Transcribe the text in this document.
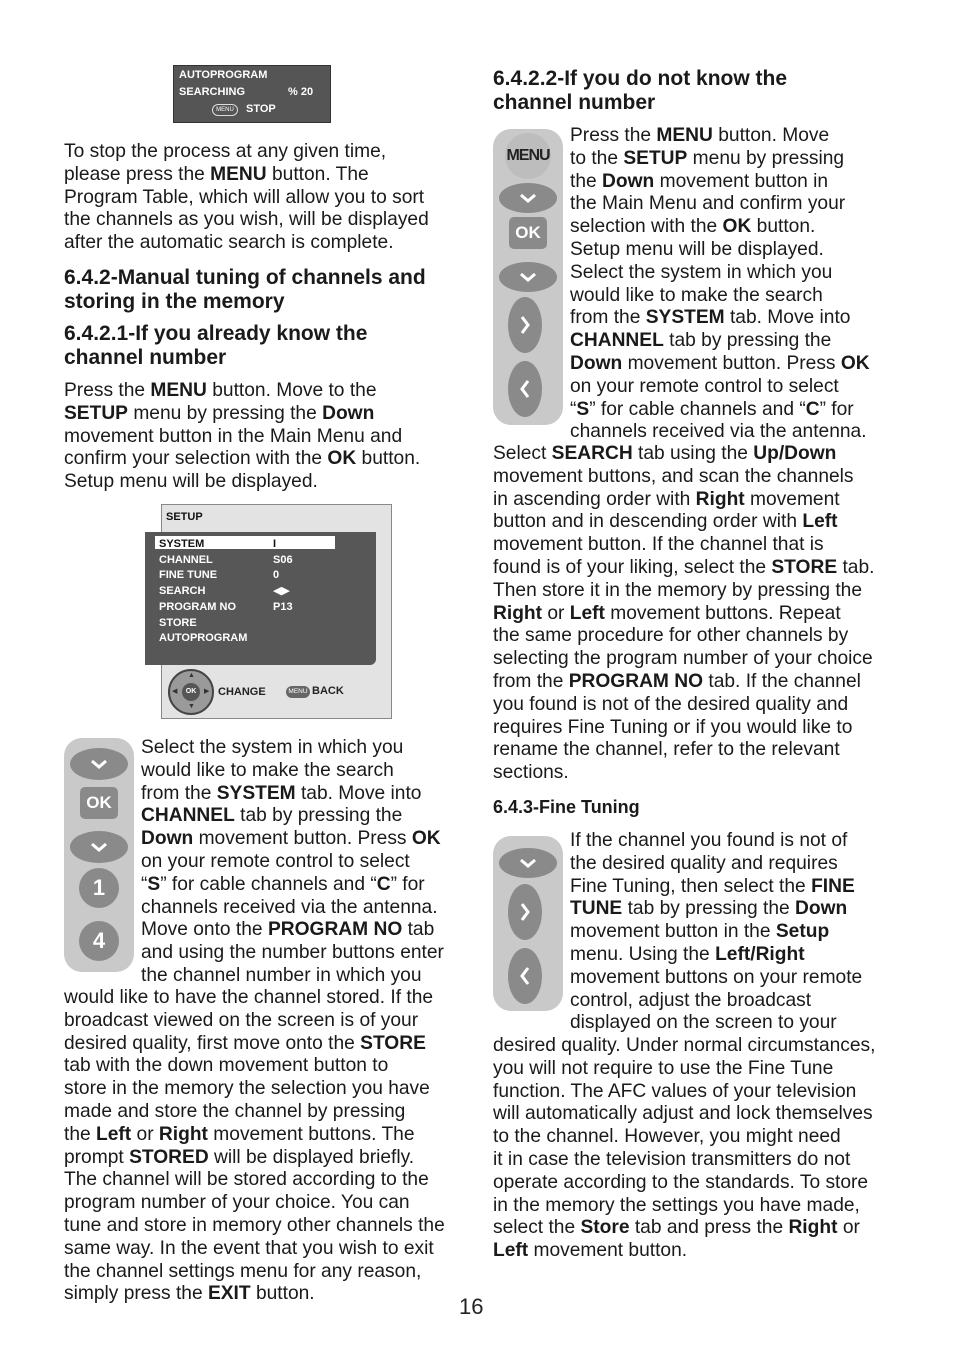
AUTOPROGRAM
SEARCHING	% 20
MENU	STOP
To stop the process at any given time,
please press the MENU button. The
Program Table, which will allow you to sort
the channels as you wish, will be displayed
after the automatic search is complete.
6.4.2-Manual tuning of channels and
storing in the memory
6.4.2.1-If you already know the
channel number
Press the MENU button. Move to the
SETUP menu by pressing the Down
movement button in the Main Menu and
confirm your selection with the OK button.
Setup menu will be displayed.
SETUP
SYSTEM	I
CHANNEL	S06
FINE TUNE	0
SEARCH	◀▶
PROGRAM NO	P13
STORE
AUTOPROGRAM
OK
▲
▼
◀	▶ CHANGE	MENU BACK
OK
1
4
Select the system in which you
would like to make the search
from the SYSTEM tab. Move into
CHANNEL tab by pressing the
Down movement button. Press OK
on your remote control to select
“S” for cable channels and “C” for
channels received via the antenna.
Move onto the PROGRAM NO tab
and using the number buttons enter
the channel number in which you
would like to have the channel stored. If the
broadcast viewed on the screen is of your
desired quality, first move onto the STORE
tab with the down movement button to
store in the memory the selection you have
made and store the channel by pressing
the Left or Right movement buttons. The
prompt STORED will be displayed briefly.
The channel will be stored according to the
program number of your choice. You can
tune and store in memory other channels the
same way. In the event that you wish to exit
the channel settings menu for any reason,
simply press the EXIT button.
6.4.2.2-If you do not know the
channel number
MENU
OK
Press the MENU button. Move
to the SETUP menu by pressing
the Down movement button in
the Main Menu and confirm your
selection with the OK button.
Setup menu will be displayed.
Select the system in which you
would like to make the search
from the SYSTEM tab. Move into
CHANNEL tab by pressing the
Down movement button. Press OK
on your remote control to select
“S” for cable channels and “C” for
channels received via the antenna.
Select SEARCH tab using the Up/Down
movement buttons, and scan the channels
in ascending order with Right movement
button and in descending order with Left
movement button. If the channel that is
found is of your liking, select the STORE tab.
Then store it in the memory by pressing the
Right or Left movement buttons. Repeat
the same procedure for other channels by
selecting the program number of your choice
from the PROGRAM NO tab. If the channel
you found is not of the desired quality and
requires Fine Tuning or if you would like to
rename the channel, refer to the relevant
sections.
6.4.3-Fine Tuning
If the channel you found is not of
the desired quality and requires
Fine Tuning, then select the FINE
TUNE tab by pressing the Down
movement button in the Setup
menu. Using the Left/Right
movement buttons on your remote
control, adjust the broadcast
displayed on the screen to your
desired quality. Under normal circumstances,
you will not require to use the Fine Tune
function. The AFC values of your television
will automatically adjust and lock themselves
to the channel. However, you might need
it in case the television transmitters do not
operate according to the standards. To store
in the memory the settings you have made,
select the Store tab and press the Right or
Left movement button.
16
